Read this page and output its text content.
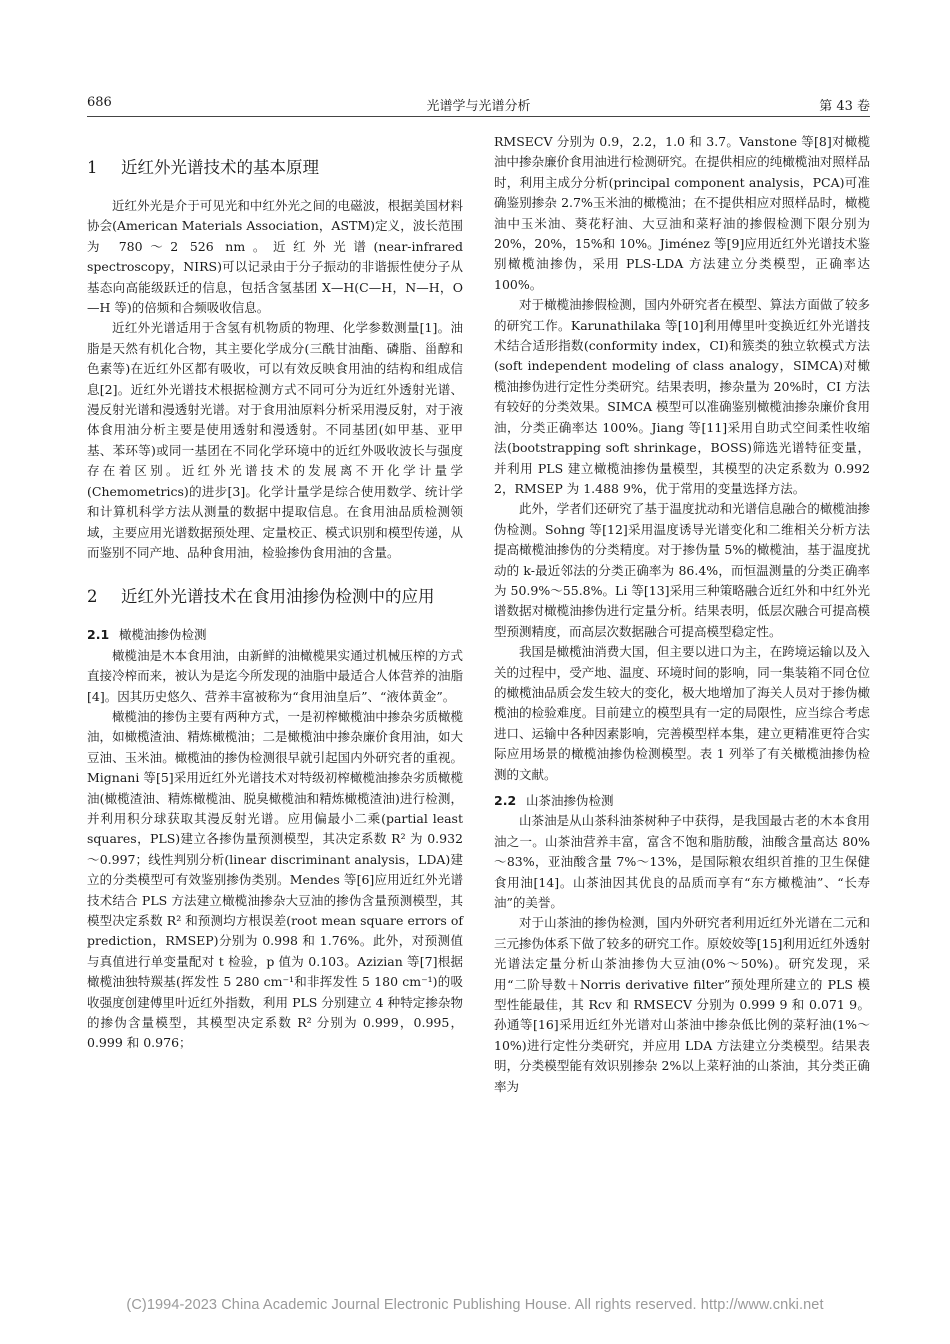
686	光谱学与光谱分析	第 43 卷
1	近红外光谱技术的基本原理

近红外光是介于可见光和中红外光之间的电磁波，根据美国材料协会(American Materials Association，ASTM)定义，波长范围为 780～2 526 nm。近红外光谱(near-infrared spectroscopy，NIRS)可以记录由于分子振动的非谐振性使分子从基态向高能级跃迁的信息，包括含氢基团 X—H(C—H，N—H，O—H 等)的倍频和合频吸收信息。

近红外光谱适用于含氢有机物质的物理、化学参数测量[1]。油脂是天然有机化合物，其主要化学成分(三酰甘油酯、磷脂、甾醇和色素等)在近红外区都有吸收，可以有效反映食用油的结构和组成信息[2]。近红外光谱技术根据检测方式不同可分为近红外透射光谱、漫反射光谱和漫透射光谱。对于食用油原料分析采用漫反射，对于液体食用油分析主要是使用透射和漫透射。不同基团(如甲基、亚甲基、苯环等)或同一基团在不同化学环境中的近红外吸收波长与强度存在着区别。近红外光谱技术的发展离不开化学计量学(Chemometrics)的进步[3]。化学计量学是综合使用数学、统计学和计算机科学方法从测量的数据中提取信息。在食用油品质检测领域，主要应用光谱数据预处理、定量校正、模式识别和模型传递，从而鉴别不同产地、品种食用油，检验掺伪食用油的含量。

2	近红外光谱技术在食用油掺伪检测中的应用
2.1 橄榄油掺伪检测

橄榄油是木本食用油，由新鲜的油橄榄果实通过机械压榨的方式直接冷榨而来，被认为是迄今所发现的油脂中最适合人体营养的油脂[4]。因其历史悠久、营养丰富被称为“食用油皇后”、“液体黄金”。

橄榄油的掺伪主要有两种方式，一是初榨橄榄油中掺杂劣质橄榄油，如橄榄渣油、精炼橄榄油；二是橄榄油中掺杂廉价食用油，如大豆油、玉米油。橄榄油的掺伪检测很早就引起国内外研究者的重视。Mignani 等[5]采用近红外光谱技术对特级初榨橄榄油掺杂劣质橄榄油(橄榄渣油、精炼橄榄油、脱臭橄榄油和精炼橄榄渣油)进行检测，并利用积分球获取其漫反射光谱。应用偏最小二乘(partial least squares，PLS)建立各掺伪量预测模型，其决定系数 R² 为 0.932～0.997；线性判别分析(linear discriminant analysis，LDA)建立的分类模型可有效鉴别掺伪类别。Mendes 等[6]应用近红外光谱技术结合 PLS 方法建立橄榄油掺杂大豆油的掺伪含量预测模型，其模型决定系数 R² 和预测均方根误差(root mean square errors of prediction，RMSEP)分别为 0.998 和 1.76%。此外，对预测值与真值进行单变量配对 t 检验，p 值为 0.103。Azizian 等[7]根据橄榄油独特羰基(挥发性 5 280 cm⁻¹和非挥发性 5 180 cm⁻¹)的吸收强度创建傅里叶近红外指数，利用 PLS 分别建立 4 种特定掺杂物的掺伪含量模型，其模型决定系数 R² 分别为 0.999，0.995，0.999 和 0.976；

RMSECV 分别为 0.9，2.2，1.0 和 3.7。Vanstone 等[8]对橄榄油中掺杂廉价食用油进行检测研究。在提供相应的纯橄榄油对照样品时，利用主成分分析(principal component analysis，PCA)可准确鉴别掺杂 2.7%玉米油的橄榄油；在不提供相应对照样品时，橄榄油中玉米油、葵花籽油、大豆油和菜籽油的掺假检测下限分别为 20%，20%，15%和 10%。Jiménez 等[9]应用近红外光谱技术鉴别橄榄油掺伪，采用 PLS-LDA 方法建立分类模型，正确率达 100%。

对于橄榄油掺假检测，国内外研究者在模型、算法方面做了较多的研究工作。Karunathilaka 等[10]利用傅里叶变换近红外光谱技术结合适形指数(conformity index，CI)和簇类的独立软模式方法(soft independent modeling of class analogy，SIMCA)对橄榄油掺伪进行定性分类研究。结果表明，掺杂量为 20%时，CI 方法有较好的分类效果。SIMCA 模型可以准确鉴别橄榄油掺杂廉价食用油，分类正确率达 100%。Jiang 等[11]采用自助式空间柔性收缩法(bootstrapping soft shrinkage，BOSS)筛选光谱特征变量，并利用 PLS 建立橄榄油掺伪量模型，其模型的决定系数为 0.992 2，RMSEP 为 1.488 9%，优于常用的变量选择方法。

此外，学者们还研究了基于温度扰动和光谱信息融合的橄榄油掺伪检测。Sohng 等[12]采用温度诱导光谱变化和二维相关分析方法提高橄榄油掺伪的分类精度。对于掺伪量 5%的橄榄油，基于温度扰动的 k-最近邻法的分类正确率为 86.4%，而恒温测量的分类正确率为 50.9%～55.8%。Li 等[13]采用三种策略融合近红外和中红外光谱数据对橄榄油掺伪进行定量分析。结果表明，低层次融合可提高模型预测精度，而高层次数据融合可提高模型稳定性。

我国是橄榄油消费大国，但主要以进口为主，在跨境运输以及入关的过程中，受产地、温度、环境时间的影响，同一集装箱不同仓位的橄榄油品质会发生较大的变化，极大地增加了海关人员对于掺伪橄榄油的检验难度。目前建立的模型具有一定的局限性，应当综合考虑进口、运输中各种因素影响，完善模型样本集，建立更精准更符合实际应用场景的橄榄油掺伪检测模型。表 1 列举了有关橄榄油掺伪检测的文献。

2.2 山茶油掺伪检测

山茶油是从山茶科油茶树种子中获得，是我国最古老的木本食用油之一。山茶油营养丰富，富含不饱和脂肪酸，油酸含量高达 80%～83%，亚油酸含量 7%～13%，是国际粮农组织首推的卫生保健食用油[14]。山茶油因其优良的品质而享有“东方橄榄油”、“长寿油”的美誉。

对于山茶油的掺伪检测，国内外研究者利用近红外光谱在二元和三元掺伪体系下做了较多的研究工作。原姣姣等[15]利用近红外透射光谱法定量分析山茶油掺伪大豆油(0%～50%)。研究发现，采用“二阶导数＋Norris derivative filter”预处理所建立的 PLS 模型性能最佳，其 Rcv 和 RMSECV 分别为 0.999 9 和 0.071 9。孙通等[16]采用近红外光谱对山茶油中掺杂低比例的菜籽油(1%～10%)进行定性分类研究，并应用 LDA 方法建立分类模型。结果表明，分类模型能有效识别掺杂 2%以上菜籽油的山茶油，其分类正确率为

(C)1994-2023 China Academic Journal Electronic Publishing House. All rights reserved. http://www.cnki.net
